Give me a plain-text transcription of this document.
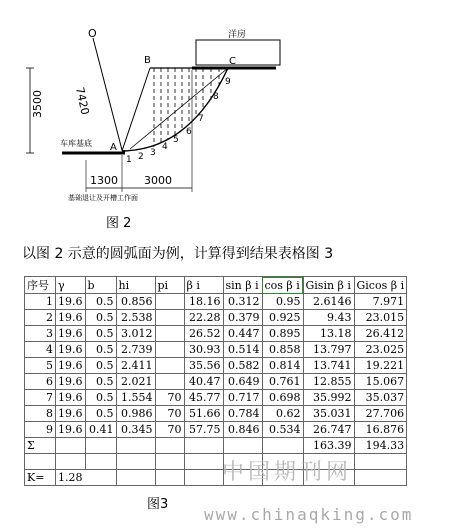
洋房
O
B	C
A
车库基底
1 2 3
4
5
6
7
8
9
3500	7420
1300 3000
基础退让及开槽工作面
图 2
以图 2 示意的圆弧面为例，计算得到结果表格图 3
序号	γ	b	hi	pi	β i	sin β i	cos β i	Gisin β i	Gicos β i
1	19.6	0.5	0.856		18.16	0.312	0.95	2.6146	7.971
2	19.6	0.5	2.538		22.28	0.379	0.925	9.43	23.015
3	19.6	0.5	3.012		26.52	0.447	0.895	13.18	26.412
4	19.6	0.5	2.739		30.93	0.514	0.858	13.797	23.025
5	19.6	0.5	2.411		35.56	0.582	0.814	13.741	19.221
6	19.6	0.5	2.021		40.47	0.649	0.761	12.855	15.067
7	19.6	0.5	1.554	70	45.77	0.717	0.698	35.992	35.037
8	19.6	0.5	0.986	70	51.66	0.784	0.62	35.031	27.706
9	19.6	0.41	0.345	70	57.75	0.846	0.534	26.747	16.876
Σ								163.39	194.33

K=	1.28									中国期刊网
图3
www.chinaqking.com
